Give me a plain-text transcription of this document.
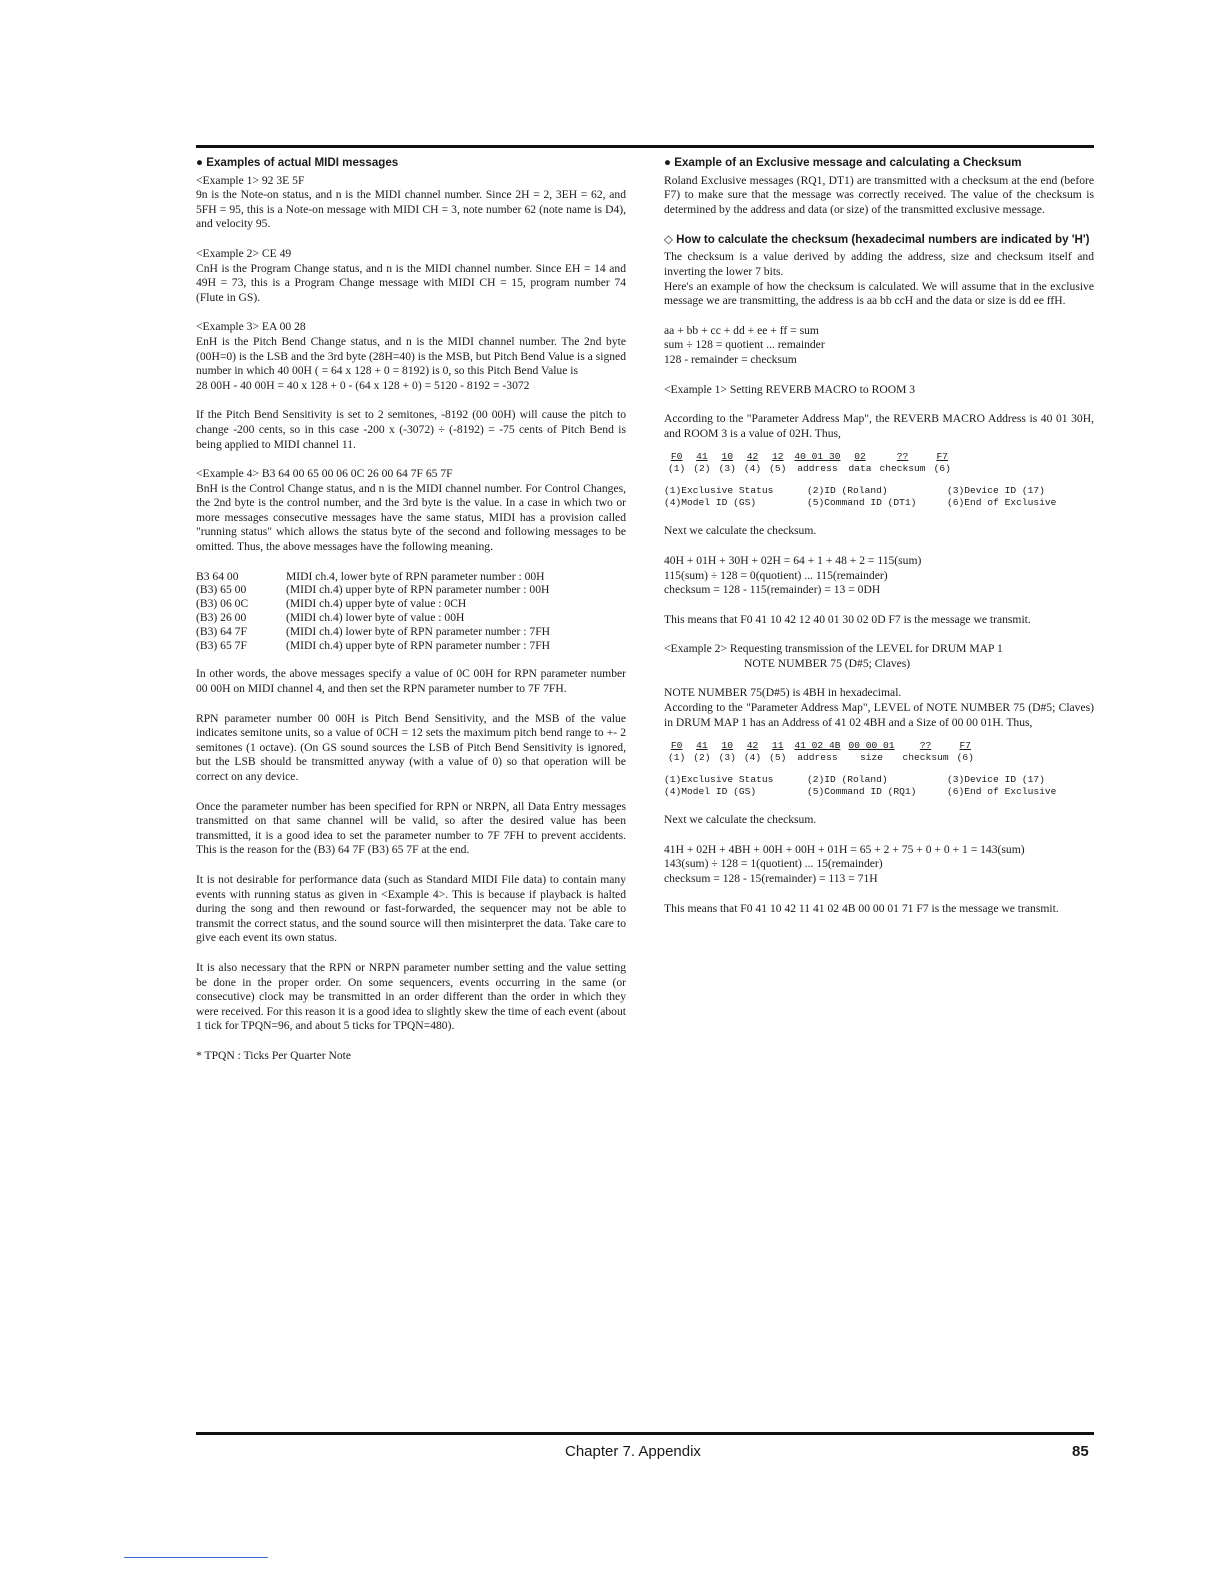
● Examples of actual MIDI messages
<Example 1> 92 3E 5F

9n is the Note-on status, and n is the MIDI channel number. Since 2H = 2, 3EH = 62, and 5FH = 95, this is a Note-on message with MIDI CH = 3, note number 62 (note name is D4), and velocity 95.

<Example 2> CE 49

CnH is the Program Change status, and n is the MIDI channel number. Since EH = 14 and 49H = 73, this is a Program Change message with MIDI CH = 15, program number 74 (Flute in GS).

<Example 3> EA 00 28
EnH is the Pitch Bend Change status, and n is the MIDI channel number. The 2nd byte (00H=0) is the LSB and the 3rd byte (28H=40) is the MSB, but Pitch Bend Value is a signed number in which 40 00H ( = 64 x 128 + 0 = 8192) is 0, so this Pitch Bend Value is

28 00H - 40 00H = 40 x 128 + 0 - (64 x 128 + 0) = 5120 - 8192 = -3072

If the Pitch Bend Sensitivity is set to 2 semitones, -8192 (00 00H) will cause the pitch to change -200 cents, so in this case -200 x (-3072) ÷ (-8192) = -75 cents of Pitch Bend is being applied to MIDI channel 11.

<Example 4> B3 64 00 65 00 06 0C 26 00 64 7F 65 7F

BnH is the Control Change status, and n is the MIDI channel number. For Control Changes, the 2nd byte is the control number, and the 3rd byte is the value. In a case in which two or more messages consecutive messages have the same status, MIDI has a provision called "running status" which allows the status byte of the second and following messages to be omitted. Thus, the above messages have the following meaning.

B3 64 00	MIDI ch.4, lower byte of RPN parameter number : 00H
(B3) 65 00	(MIDI ch.4) upper byte of RPN parameter number : 00H
(B3) 06 0C	(MIDI ch.4) upper byte of value : 0CH
(B3) 26 00	(MIDI ch.4) lower byte of value : 00H
(B3) 64 7F	(MIDI ch.4) lower byte of RPN parameter number : 7FH
(B3) 65 7F	(MIDI ch.4) upper byte of RPN parameter number : 7FH

In other words, the above messages specify a value of 0C 00H for RPN parameter number 00 00H on MIDI channel 4, and then set the RPN parameter number to 7F 7FH.

RPN parameter number 00 00H is Pitch Bend Sensitivity, and the MSB of the value indicates semitone units, so a value of 0CH = 12 sets the maximum pitch bend range to +- 2 semitones (1 octave). (On GS sound sources the LSB of Pitch Bend Sensitivity is ignored, but the LSB should be transmitted anyway (with a value of 0) so that operation will be correct on any device.

Once the parameter number has been specified for RPN or NRPN, all Data Entry messages transmitted on that same channel will be valid, so after the desired value has been transmitted, it is a good idea to set the parameter number to 7F 7FH to prevent accidents. This is the reason for the (B3) 64 7F (B3) 65 7F at the end.

It is not desirable for performance data (such as Standard MIDI File data) to contain many events with running status as given in <Example 4>. This is because if playback is halted during the song and then rewound or fast-forwarded, the sequencer may not be able to transmit the correct status, and the sound source will then misinterpret the data. Take care to give each event its own status.

It is also necessary that the RPN or NRPN parameter number setting and the value setting be done in the proper order. On some sequencers, events occurring in the same (or consecutive) clock may be transmitted in an order different than the order in which they were received. For this reason it is a good idea to slightly skew the time of each event (about 1 tick for TPQN=96, and about 5 ticks for TPQN=480).

* TPQN : Ticks Per Quarter Note
● Example of an Exclusive message and calculating a Checksum

Roland Exclusive messages (RQ1, DT1) are transmitted with a checksum at the end (before F7) to make sure that the message was correctly received. The value of the checksum is determined by the address and data (or size) of the transmitted exclusive message.

◇ How to calculate the checksum (hexadecimal numbers are indicated by 'H')
The checksum is a value derived by adding the address, size and checksum itself and inverting the lower 7 bits.

Here's an example of how the checksum is calculated. We will assume that in the exclusive message we are transmitting, the address is aa bb ccH and the data or size is dd ee ffH.

aa + bb + cc + dd + ee + ff = sum
sum ÷ 128 = quotient ... remainder
128 - remainder = checksum

<Example 1> Setting REVERB MACRO to ROOM 3

According to the "Parameter Address Map", the REVERB MACRO Address is 40 01 30H, and ROOM 3 is a value of 02H. Thus,

F0	41	10	42	12	40 01 30	02	??	F7
(1)	(2)	(3)	(4)	(5)	address	data	checksum	(6)
(1)Exclusive Status	(2)ID (Roland)	(3)Device ID (17)
(4)Model ID (GS)	(5)Command ID (DT1)	(6)End of Exclusive

Next we calculate the checksum.

40H + 01H + 30H + 02H = 64 + 1 + 48 + 2 = 115(sum)
115(sum) ÷ 128 = 0(quotient) ... 115(remainder)
checksum = 128 - 115(remainder) = 13 = 0DH

This means that F0 41 10 42 12 40 01 30 02 0D F7 is the message we transmit.

<Example 2> Requesting transmission of the LEVEL for DRUM MAP 1
NOTE NUMBER 75 (D#5; Claves)
NOTE NUMBER 75(D#5) is 4BH in hexadecimal.

According to the "Parameter Address Map", LEVEL of NOTE NUMBER 75 (D#5; Claves) in DRUM MAP 1 has an Address of 41 02 4BH and a Size of 00 00 01H. Thus,

F0	41	10	42	11	41 02 4B	00 00 01	??	F7
(1)	(2)	(3)	(4)	(5)	address	size	checksum	(6)
(1)Exclusive Status	(2)ID (Roland)	(3)Device ID (17)
(4)Model ID (GS)	(5)Command ID (RQ1)	(6)End of Exclusive

Next we calculate the checksum.

41H + 02H + 4BH + 00H + 00H + 01H = 65 + 2 + 75 + 0 + 0 + 1 = 143(sum)
143(sum) ÷ 128 = 1(quotient) ... 15(remainder)
checksum = 128 - 15(remainder) = 113 = 71H

This means that F0 41 10 42 11 41 02 4B 00 00 01 71 F7 is the message we transmit.

Chapter 7. Appendix	85
